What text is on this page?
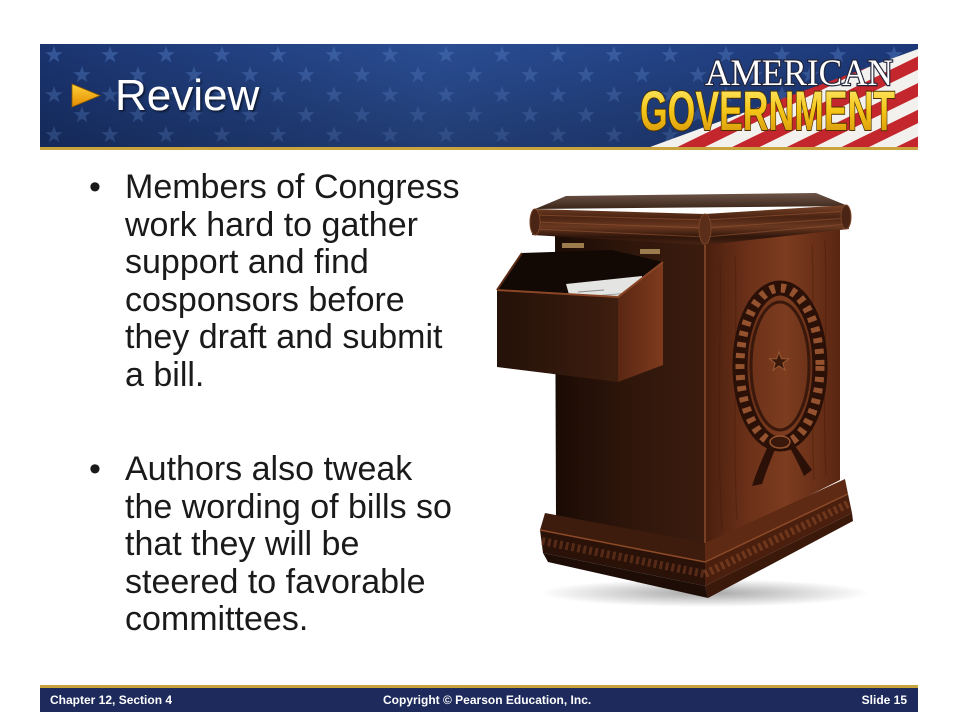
Review	AMERICAN
GOVERNMENT
• Members of Congress
work hard to gather
support and find
cosponsors before
they draft and submit
a bill.
• Authors also tweak
the wording of bills so
that they will be
steered to favorable
committees.
Chapter 12, Section 4	Copyright © Pearson Education, Inc.	Slide 15
